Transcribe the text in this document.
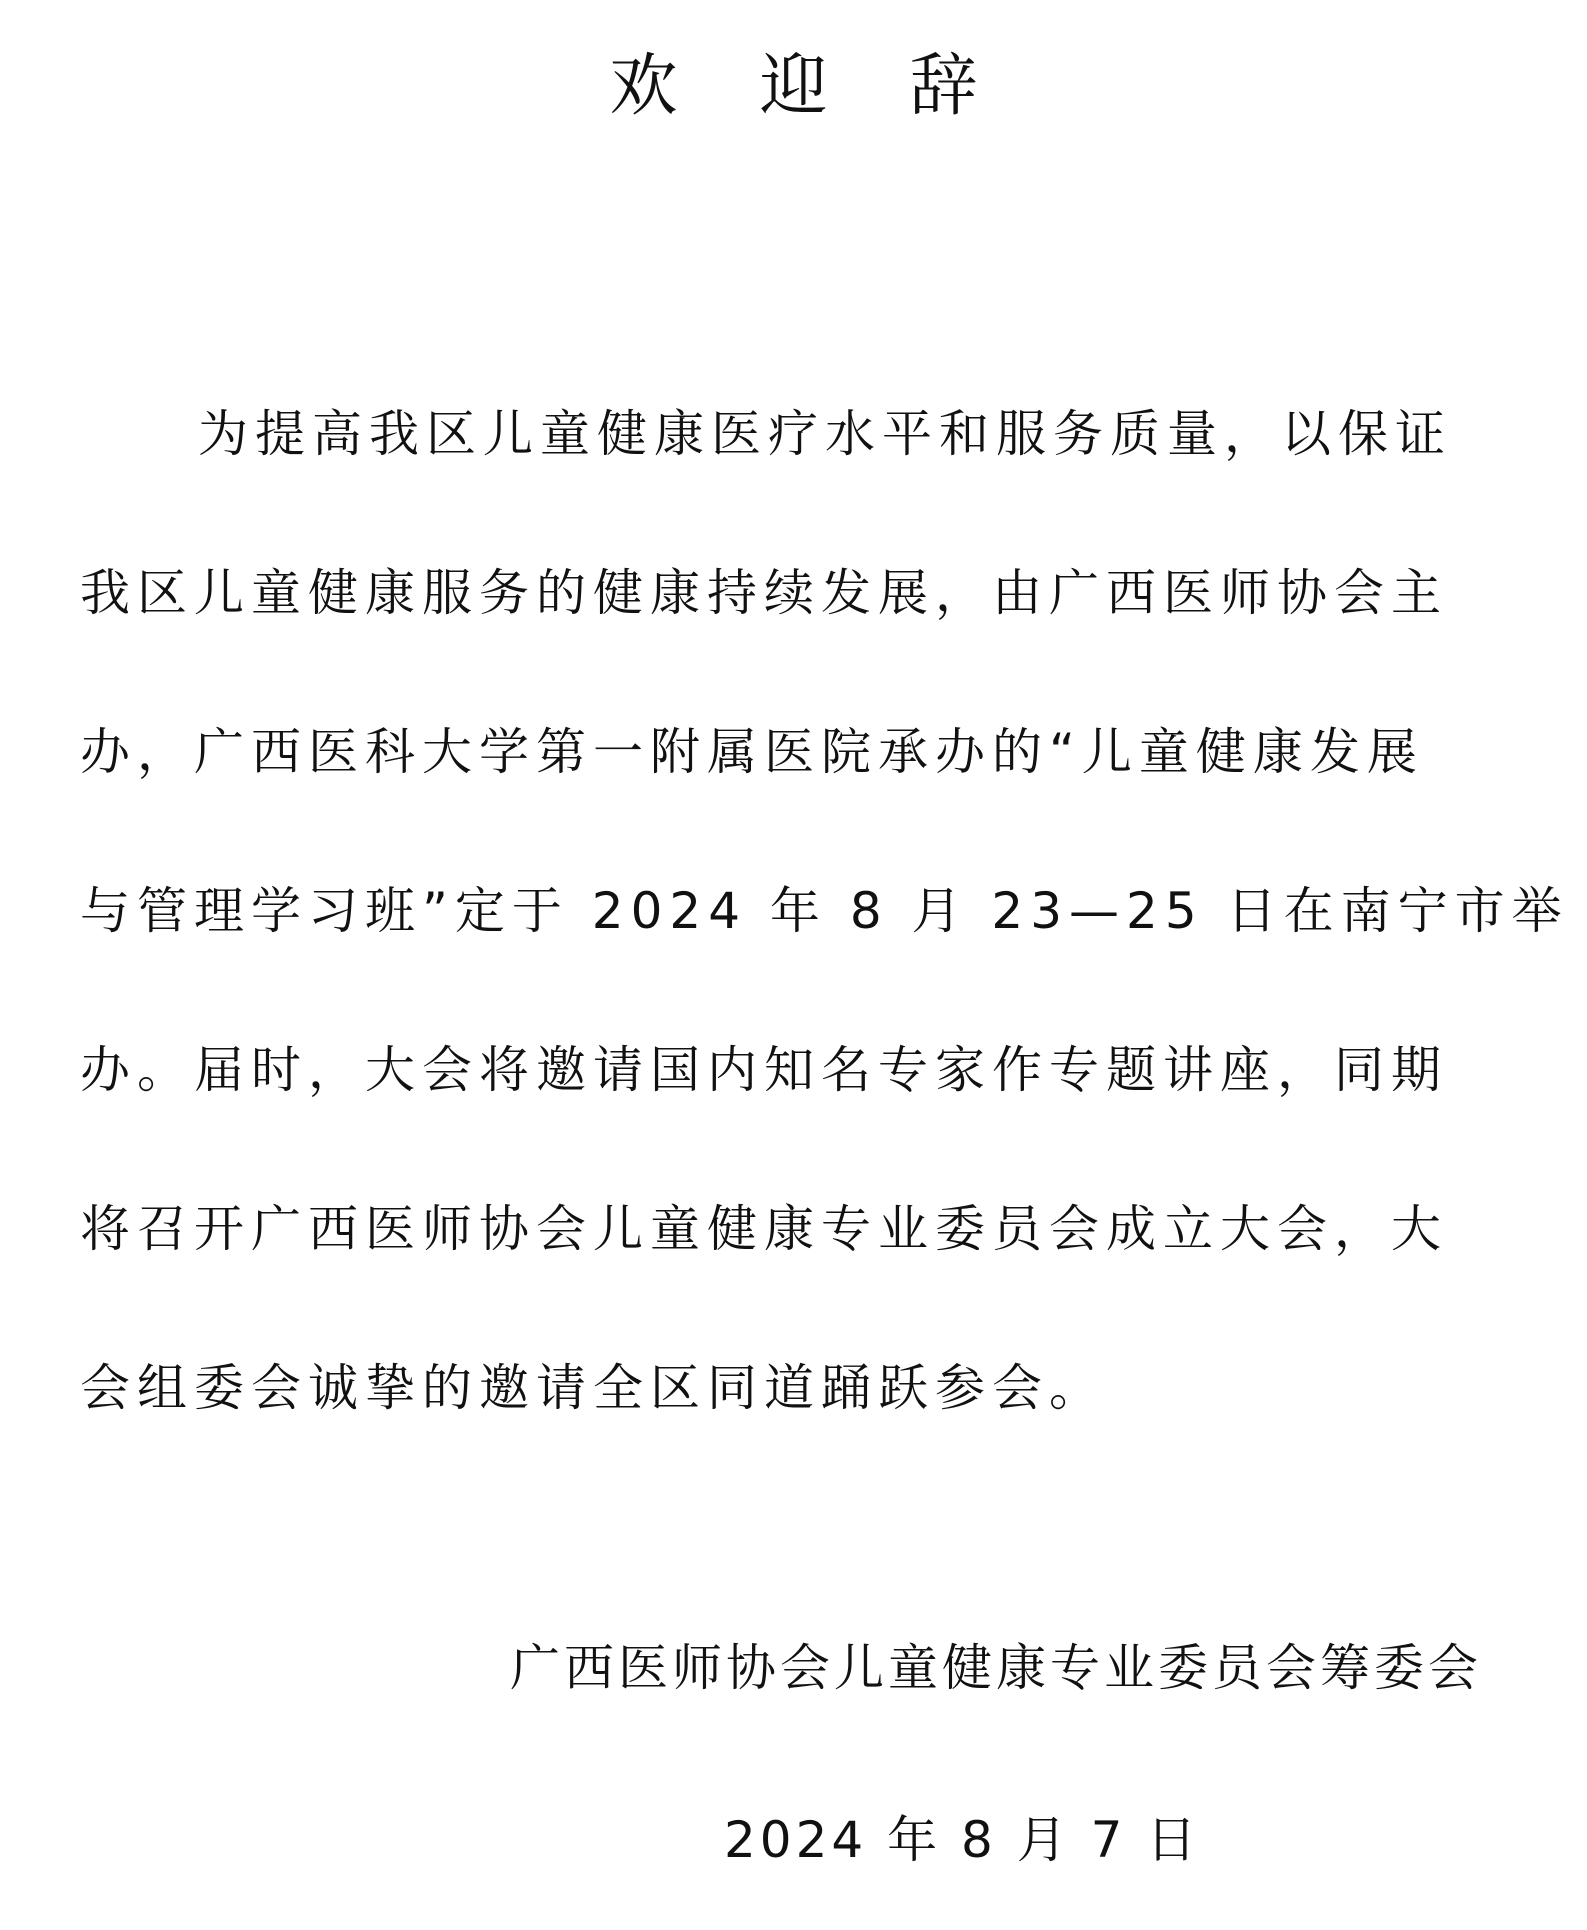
欢迎辞
为提高我区儿童健康医疗水平和服务质量，以保证
我区儿童健康服务的健康持续发展，由广西医师协会主
办，广西医科大学第一附属医院承办的“儿童健康发展
与管理学习班”定于 2024 年 8 月 23—25 日在南宁市举
办。届时，大会将邀请国内知名专家作专题讲座，同期
将召开广西医师协会儿童健康专业委员会成立大会，大
会组委会诚挚的邀请全区同道踊跃参会。
广西医师协会儿童健康专业委员会筹委会
2024 年 8 月 7 日
